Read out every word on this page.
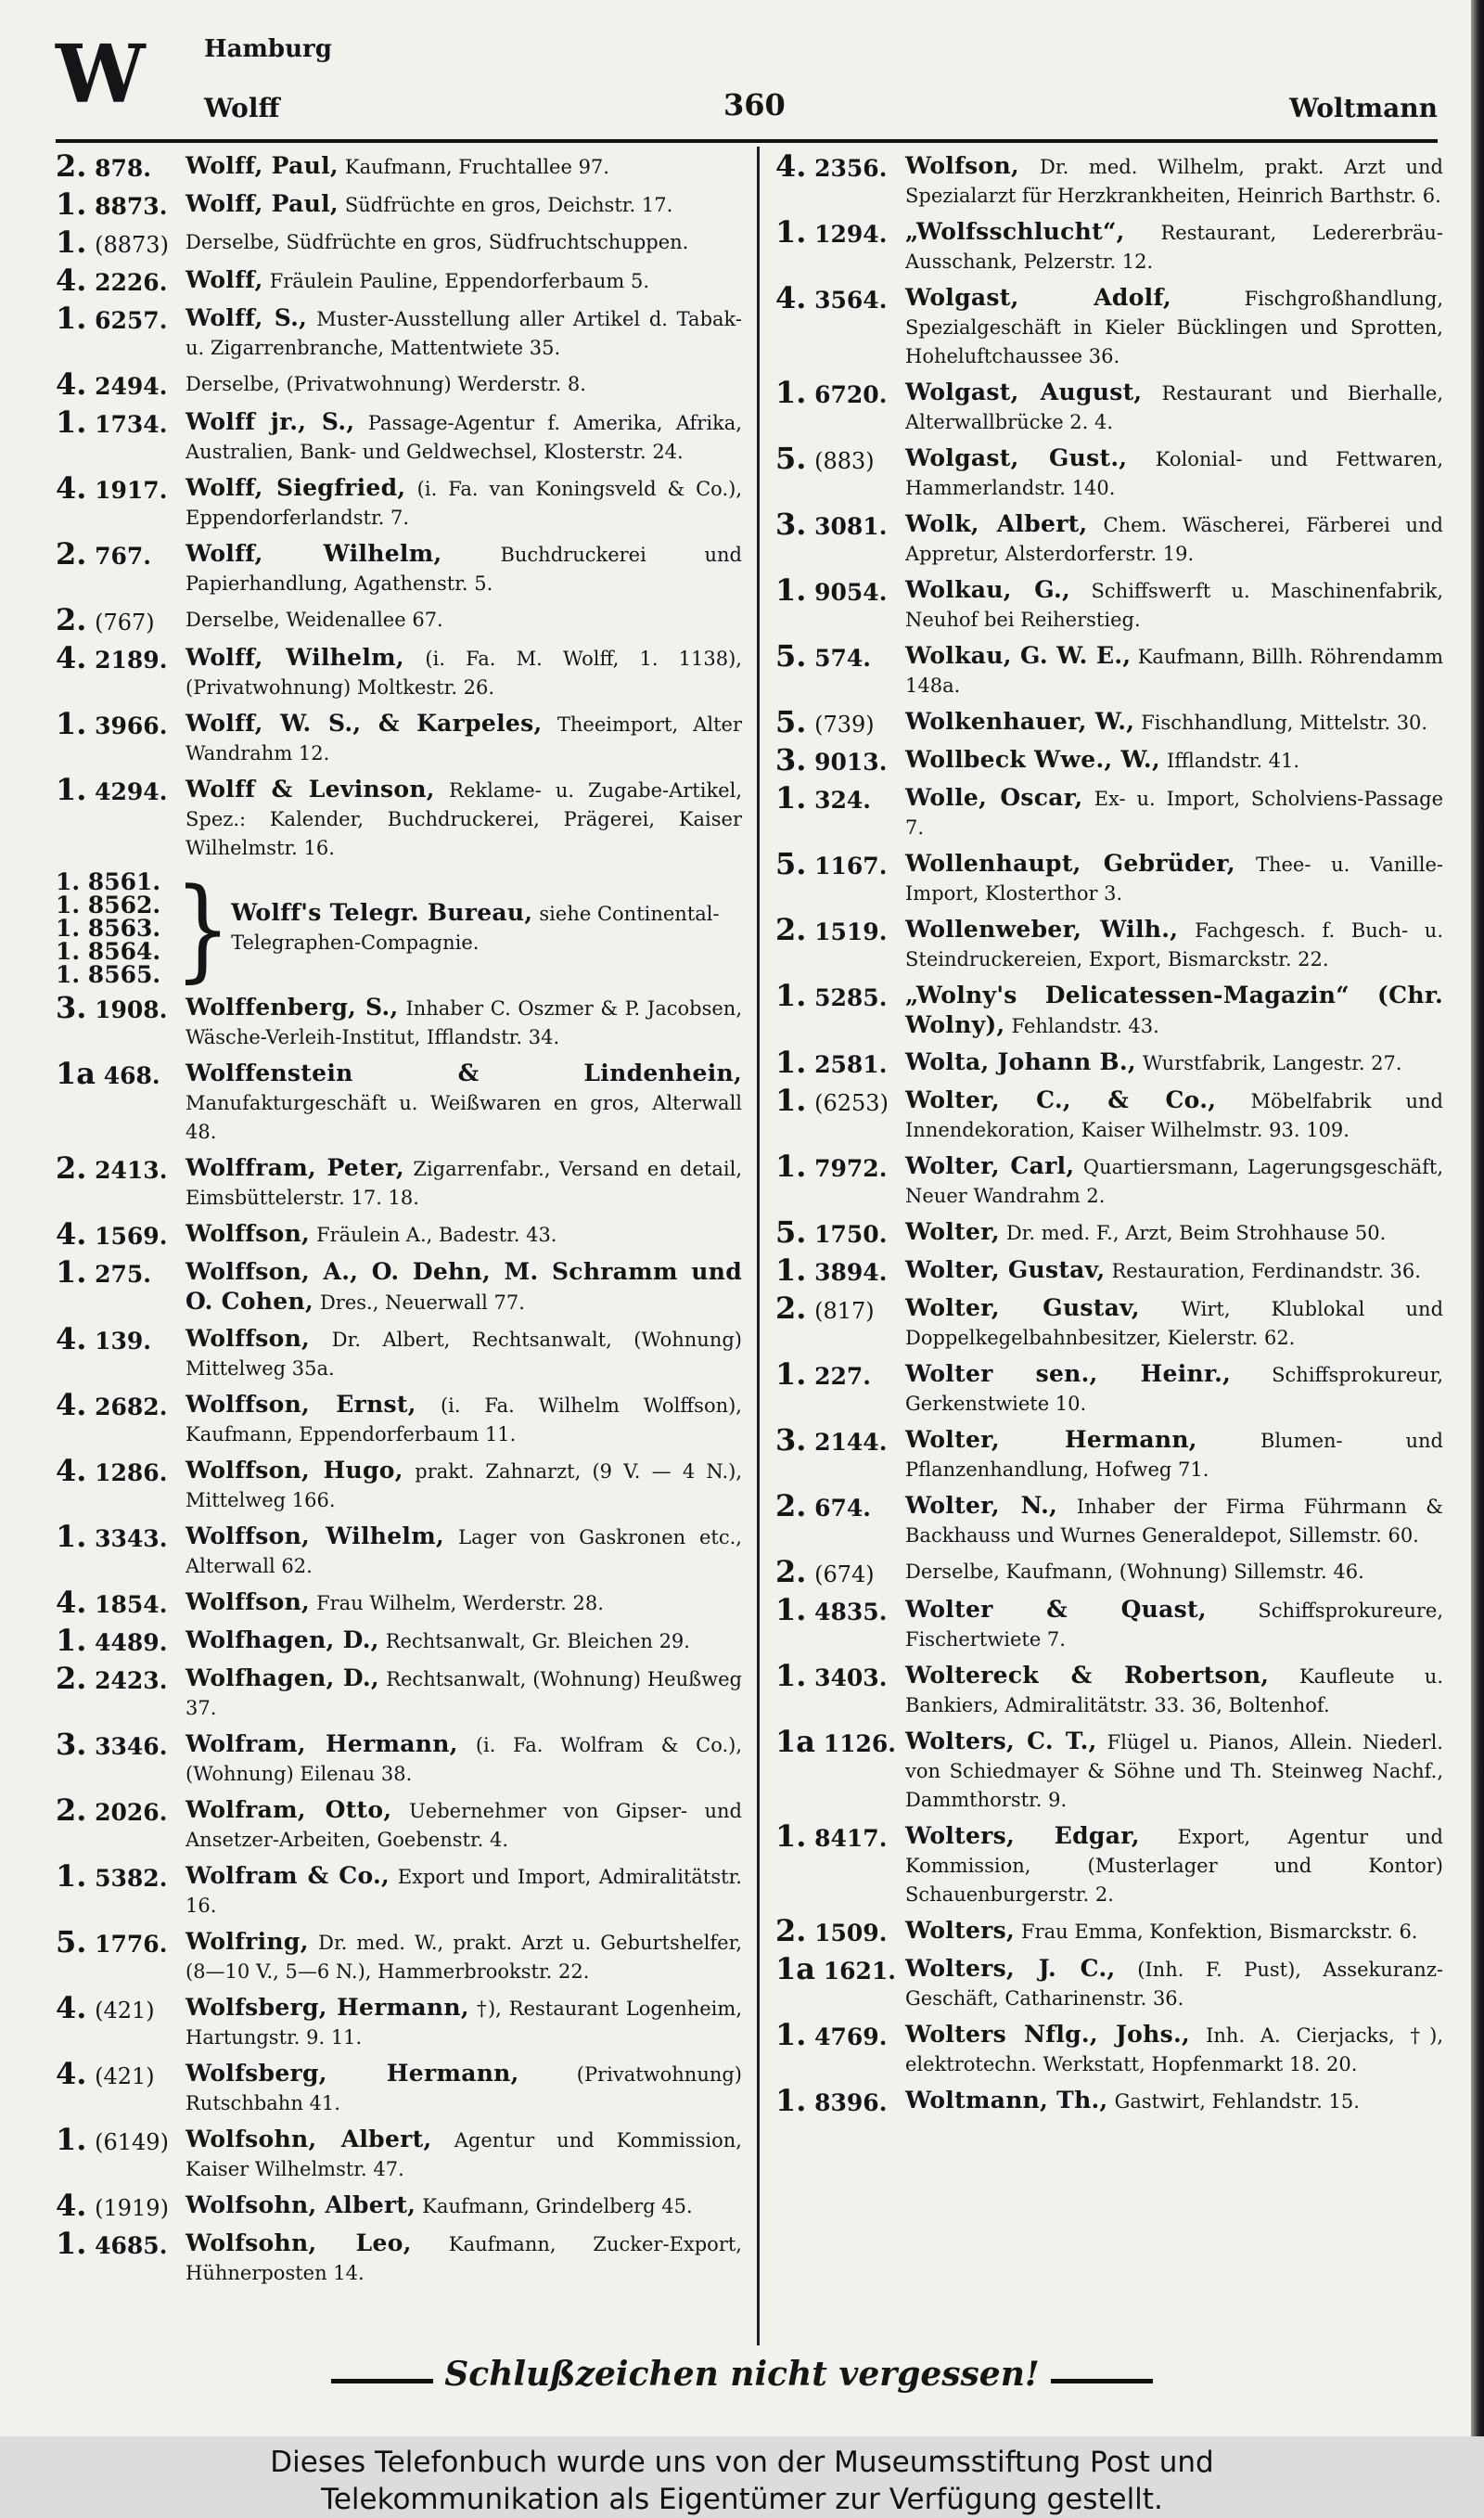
W	Hamburg
Wolff	360	Woltmann
2. 878.	Wolff, Paul, Kaufmann, Fruchtallee 97.
1. 8873. Wolff, Paul, Südfrüchte en gros, Deichstr. 17.
1. (8873) Derselbe, Südfrüchte en gros, Südfruchtschuppen.
4. 2226. Wolff, Fräulein Pauline, Eppendorferbaum 5.
1. 6257. Wolff, S., Muster-Ausstellung aller Artikel d. Tabak- u. Zigarrenbranche, Mattentwiete 35.
4. 2494. Derselbe, (Privatwohnung) Werderstr. 8.
1. 1734. Wolff jr., S., Passage-Agentur f. Amerika, Afrika, Australien, Bank- und Geldwechsel, Klosterstr. 24.
4. 1917. Wolff, Siegfried, (i. Fa. van Koningsveld & Co.), Eppendorferlandstr. 7.
2. 767.	Wolff, Wilhelm,	Buchdruckerei und Papierhandlung, Agathenstr. 5.
2. (767)	Derselbe, Weidenallee 67.
4. 2189. Wolff, Wilhelm, (i. Fa. M. Wolff, 1. 1138), (Privatwohnung) Moltkestr. 26.
1. 3966. Wolff, W. S., & Karpeles, Theeimport, Alter Wandrahm 12.
1. 4294. Wolff & Levinson, Reklame- u. Zugabe-Artikel, Spez.: Kalender, Buchdruckerei, Prägerei, Kaiser Wilhelmstr. 16.
1. 8561.
1. 8562.
1. 8563.
1. 8564.
1. 8565. } Wolff's Telegr. Bureau, siehe Continental-Telegraphen-Compagnie.
3. 1908. Wolffenberg, S., Inhaber C. Oszmer & P. Jacobsen, Wäsche-Verleih-Institut, Ifflandstr. 34.
1a 468.	Wolffenstein & Lindenhein, Manufakturgeschäft u. Weißwaren en gros, Alterwall 48.
2. 2413. Wolffram, Peter, Zigarrenfabr., Versand en detail, Eimsbüttelerstr. 17. 18.
4. 1569. Wolffson, Fräulein A., Badestr. 43.
1. 275.	Wolffson, A., O. Dehn, M. Schramm und O. Cohen, Dres., Neuerwall 77.
4. 139.	Wolffson, Dr. Albert, Rechtsanwalt, (Wohnung) Mittelweg 35a.
4. 2682. Wolffson, Ernst, (i. Fa. Wilhelm Wolffson), Kaufmann, Eppendorferbaum 11.
4. 1286. Wolffson, Hugo, prakt. Zahnarzt, (9 V. — 4 N.), Mittelweg 166.
1. 3343. Wolffson, Wilhelm, Lager von Gaskronen etc., Alterwall 62.
4. 1854. Wolffson, Frau Wilhelm, Werderstr. 28.
1. 4489. Wolfhagen, D., Rechtsanwalt, Gr. Bleichen 29.
2. 2423. Wolfhagen, D., Rechtsanwalt, (Wohnung) Heußweg 37.
3. 3346. Wolfram, Hermann, (i. Fa. Wolfram & Co.), (Wohnung) Eilenau 38.
2. 2026. Wolfram, Otto, Uebernehmer von Gipser- und Ansetzer-Arbeiten, Goebenstr. 4.
1. 5382. Wolfram & Co., Export und Import, Admiralitätstr. 16.
5. 1776. Wolfring, Dr. med. W., prakt. Arzt u. Geburtshelfer, (8—10 V., 5—6 N.), Hammerbrookstr. 22.
4. (421)	Wolfsberg, Hermann, †), Restaurant Logenheim, Hartungstr. 9. 11.
4. (421)	Wolfsberg, Hermann,	(Privatwohnung) Rutschbahn 41.
1. (6149) Wolfsohn, Albert, Agentur und Kommission, Kaiser Wilhelmstr. 47.
4. (1919) Wolfsohn, Albert, Kaufmann, Grindelberg 45.
1. 4685. Wolfsohn, Leo, Kaufmann, Zucker-Export, Hühnerposten 14.
4. 2356. Wolfson, Dr. med. Wilhelm, prakt. Arzt und Spezialarzt für Herzkrankheiten, Heinrich Barthstr. 6.
1. 1294. „Wolfsschlucht“, Restaurant, Ledererbräu-Ausschank, Pelzerstr. 12.
4. 3564. Wolgast, Adolf,	Fischgroßhandlung, Spezialgeschäft in Kieler Bücklingen und Sprotten, Hoheluftchaussee 36.
1. 6720. Wolgast, August, Restaurant und Bierhalle, Alterwallbrücke 2. 4.
5. (883)	Wolgast, Gust., Kolonial- und Fettwaren, Hammerlandstr. 140.
3. 3081. Wolk, Albert, Chem. Wäscherei, Färberei und Appretur, Alsterdorferstr. 19.
1. 9054. Wolkau, G., Schiffswerft u. Maschinenfabrik, Neuhof bei Reiherstieg.
5. 574.	Wolkau, G. W. E., Kaufmann, Billh. Röhrendamm 148a.
5. (739)	Wolkenhauer, W., Fischhandlung, Mittelstr. 30.
3. 9013. Wollbeck Wwe., W., Ifflandstr. 41.
1. 324.	Wolle, Oscar, Ex- u. Import, Scholviens-Passage 7.
5. 1167. Wollenhaupt, Gebrüder, Thee- u. Vanille-Import, Klosterthor 3.
2. 1519. Wollenweber, Wilh., Fachgesch. f. Buch- u. Steindruckereien, Export, Bismarckstr. 22.
1. 5285. „Wolny's Delicatessen-Magazin“ (Chr. Wolny), Fehlandstr. 43.
1. 2581. Wolta, Johann B., Wurstfabrik, Langestr. 27.
1. (6253) Wolter, C., & Co., Möbelfabrik und Innendekoration, Kaiser Wilhelmstr. 93. 109.
1. 7972. Wolter, Carl, Quartiersmann, Lagerungsgeschäft, Neuer Wandrahm 2.
5. 1750. Wolter, Dr. med. F., Arzt, Beim Strohhause 50.
1. 3894. Wolter, Gustav, Restauration, Ferdinandstr. 36.
2. (817)	Wolter, Gustav, Wirt, Klublokal und Doppelkegelbahnbesitzer, Kielerstr. 62.
1. 227.	Wolter sen., Heinr., Schiffsprokureur, Gerkenstwiete 10.
3. 2144. Wolter, Hermann,	Blumen- und Pflanzenhandlung, Hofweg 71.
2. 674.	Wolter, N., Inhaber der Firma Führmann & Backhauss und Wurnes Generaldepot, Sillemstr. 60.
2. (674)	Derselbe, Kaufmann, (Wohnung) Sillemstr. 46.
1. 4835. Wolter & Quast,	Schiffsprokureure, Fischertwiete 7.
1. 3403. Woltereck & Robertson, Kaufleute u. Bankiers, Admiralitätstr. 33. 36, Boltenhof.
1a 1126. Wolters, C. T., Flügel u. Pianos, Allein. Niederl. von Schiedmayer & Söhne und Th. Steinweg Nachf., Dammthorstr. 9.
1. 8417. Wolters, Edgar, Export, Agentur und Kommission, (Musterlager und Kontor) Schauenburgerstr. 2.
2. 1509. Wolters, Frau Emma, Konfektion, Bismarckstr. 6.
1a 1621. Wolters, J. C., (Inh. F. Pust), Assekuranz-Geschäft, Catharinenstr. 36.
1. 4769. Wolters Nflg., Johs., Inh. A. Cierjacks, †), elektrotechn. Werkstatt, Hopfenmarkt 18. 20.
1. 8396. Woltmann, Th., Gastwirt, Fehlandstr. 15.
Schlußzeichen nicht vergessen!
Dieses Telefonbuch wurde uns von der Museumsstiftung Post und
Telekommunikation als Eigentümer zur Verfügung gestellt.
